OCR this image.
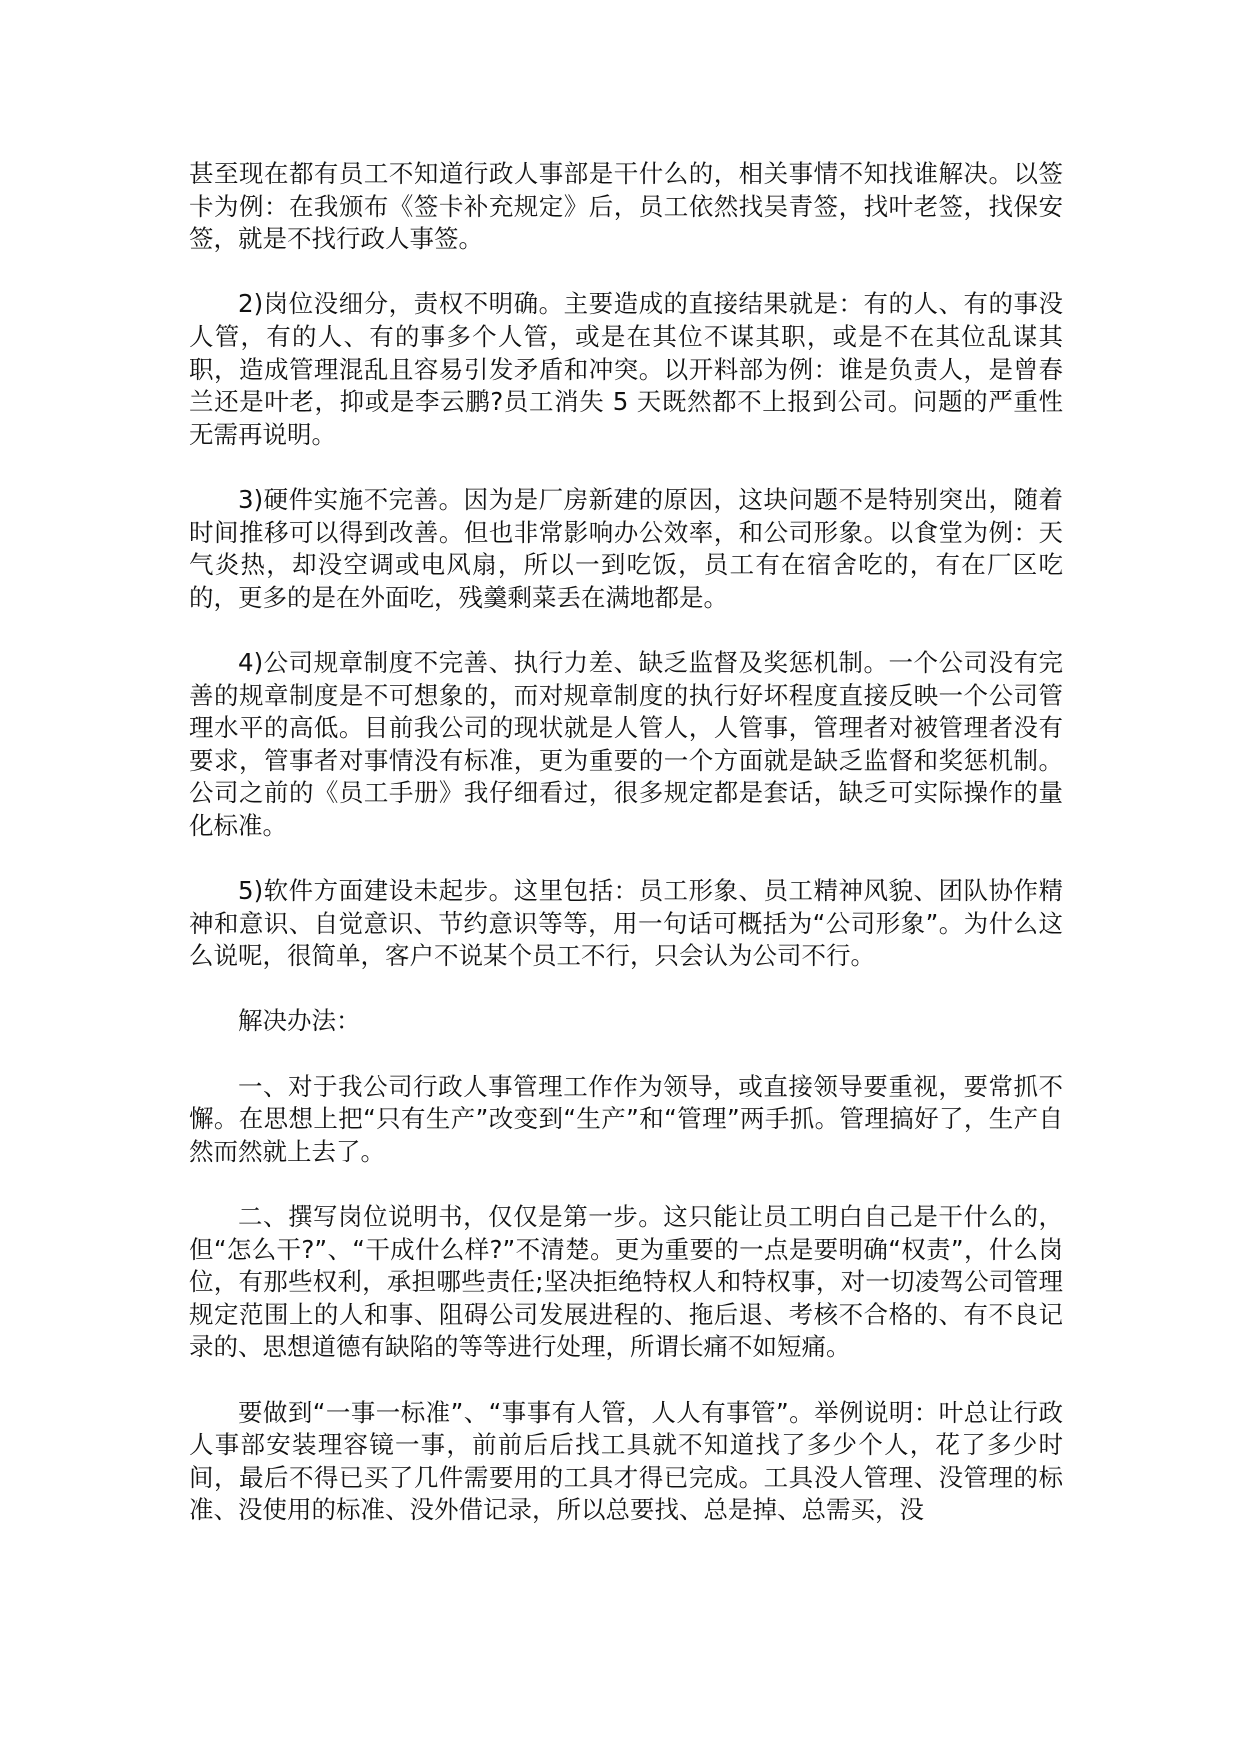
甚至现在都有员工不知道行政人事部是干什么的，相关事情不知找谁解决。以签卡为例：在我颁布《签卡补充规定》后，员工依然找吴青签，找叶老签，找保安签，就是不找行政人事签。

2)岗位没细分，责权不明确。主要造成的直接结果就是：有的人、有的事没人管，有的人、有的事多个人管，或是在其位不谋其职，或是不在其位乱谋其职，造成管理混乱且容易引发矛盾和冲突。以开料部为例：谁是负责人，是曾春兰还是叶老，抑或是李云鹏?员工消失 5 天既然都不上报到公司。问题的严重性无需再说明。

3)硬件实施不完善。因为是厂房新建的原因，这块问题不是特别突出，随着时间推移可以得到改善。但也非常影响办公效率，和公司形象。以食堂为例：天气炎热，却没空调或电风扇，所以一到吃饭，员工有在宿舍吃的，有在厂区吃的，更多的是在外面吃，残羹剩菜丢在满地都是。

4)公司规章制度不完善、执行力差、缺乏监督及奖惩机制。一个公司没有完善的规章制度是不可想象的，而对规章制度的执行好坏程度直接反映一个公司管理水平的高低。目前我公司的现状就是人管人，人管事，管理者对被管理者没有要求，管事者对事情没有标准，更为重要的一个方面就是缺乏监督和奖惩机制。公司之前的《员工手册》我仔细看过，很多规定都是套话，缺乏可实际操作的量化标准。

5)软件方面建设未起步。这里包括：员工形象、员工精神风貌、团队协作精神和意识、自觉意识、节约意识等等，用一句话可概括为“公司形象”。为什么这么说呢，很简单，客户不说某个员工不行，只会认为公司不行。

解决办法：

一、对于我公司行政人事管理工作作为领导，或直接领导要重视，要常抓不懈。在思想上把“只有生产”改变到“生产”和“管理”两手抓。管理搞好了，生产自然而然就上去了。

二、撰写岗位说明书，仅仅是第一步。这只能让员工明白自己是干什么的，但“怎么干?”、“干成什么样?”不清楚。更为重要的一点是要明确“权责”，什么岗位，有那些权利，承担哪些责任;坚决拒绝特权人和特权事，对一切凌驾公司管理规定范围上的人和事、阻碍公司发展进程的、拖后退、考核不合格的、有不良记录的、思想道德有缺陷的等等进行处理，所谓长痛不如短痛。

要做到“一事一标准”、“事事有人管，人人有事管”。举例说明：叶总让行政人事部安装理容镜一事，前前后后找工具就不知道找了多少个人，花了多少时间，最后不得已买了几件需要用的工具才得已完成。工具没人管理、没管理的标准、没使用的标准、没外借记录，所以总要找、总是掉、总需买，没
